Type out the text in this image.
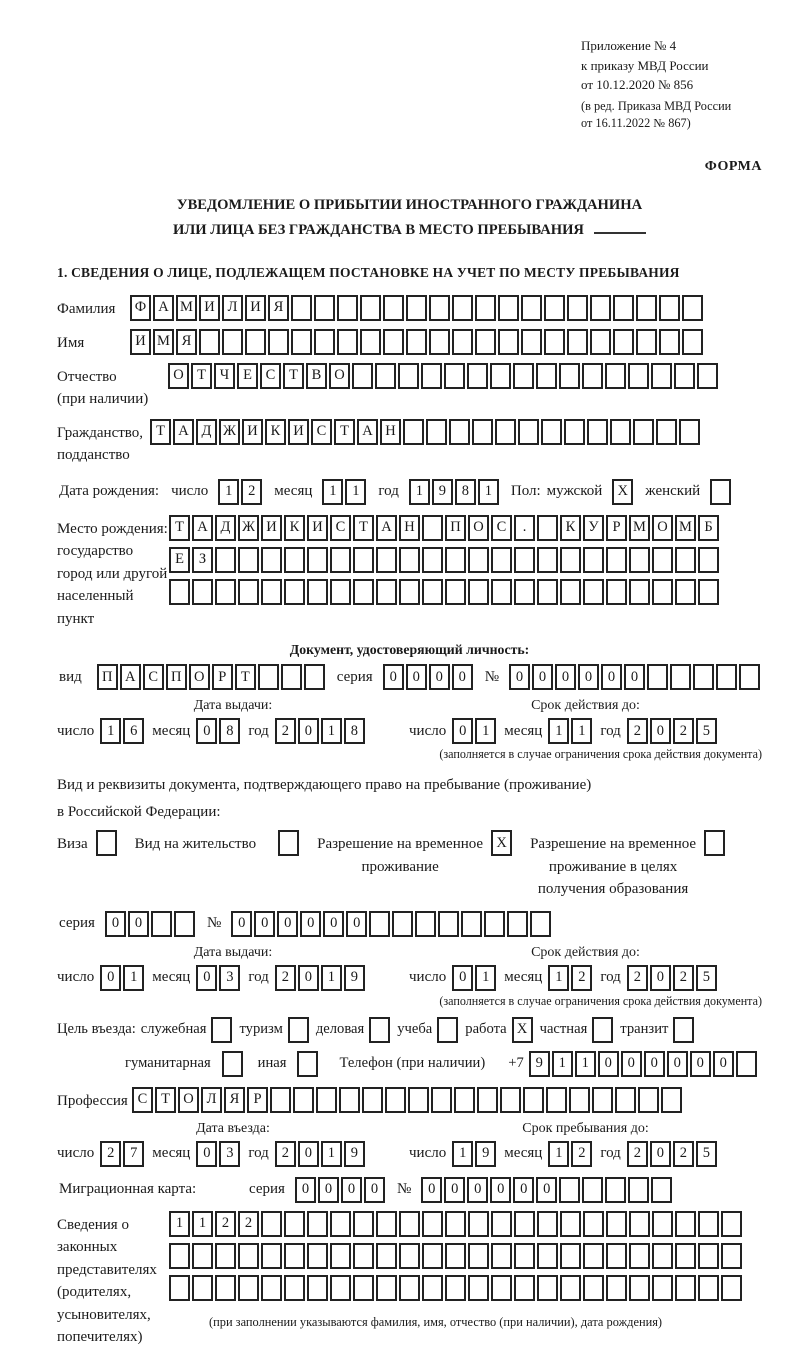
Приложение № 4
к приказу МВД России
от 10.12.2020 № 856
(в ред. Приказа МВД России
от 16.11.2022 № 867)
ФОРМА
УВЕДОМЛЕНИЕ О ПРИБЫТИИ ИНОСТРАННОГО ГРАЖДАНИНА
ИЛИ ЛИЦА БЕЗ ГРАЖДАНСТВА В МЕСТО ПРЕБЫВАНИЯ
1. СВЕДЕНИЯ О ЛИЦЕ, ПОДЛЕЖАЩЕМ ПОСТАНОВКЕ НА УЧЕТ ПО МЕСТУ ПРЕБЫВАНИЯ
Фамилия	Ф А М И Л И Я
Имя	И М Я
Отчество
(при наличии)
О Т Ч Е С Т В О
Гражданство,
подданство
Т А Д Ж И К И С Т А Н
Дата рождения: число	1	2	месяц	1	1	год	1	9	8	1	Пол: мужской	X	женский
Место рождения:
государство
город или другой
населенный пункт
Т А Д Ж И К И С Т А Н	П О С	.	К У Р М О М Б
Е	З
Документ, удостоверяющий личность:
вид	П А С П О Р	Т	серия	0	0	0	0	№	0	0	0	0	0	0
Дата выдачи:	Срок действия до:
число 1	6 месяц 0	8 год 2	0	1	8	число 0	1 месяц 1	1 год 2	0	2	5
(заполняется в случае ограничения срока действия документа)
Вид и реквизиты документа, подтверждающего право на пребывание (проживание)
в Российской Федерации:
Виза	Вид на жительство	Разрешение на временное
проживание
X	Разрешение на временное
проживание в целях
получения образования
серия	0	0	№	0	0	0	0	0	0
Дата выдачи:	Срок действия до:
число 0	1 месяц 0	3 год 2	0	1	9	число 0	1 месяц 1	2 год 2	0	2	5
(заполняется в случае ограничения срока действия документа)
Цель въезда: служебная туризм деловая учеба работа X частная транзит
гуманитарная	иная	Телефон (при наличии) +7 9	1	1	0	0	0	0	0	0
Профессия С Т О Л Я Р
Дата въезда:	Срок пребывания до:
число 2	7 месяц 0	3 год 2	0	1	9	число 1	9 месяц 1	2 год 2	0	2	5
Миграционная карта:	серия	0	0	0	0	№	0	0	0	0	0	0
Сведения о
законных
представителях
(родителях,
усыновителях,
попечителях)
1	1	2	2
(при заполнении указываются фамилия, имя, отчество (при наличии), дата рождения)
